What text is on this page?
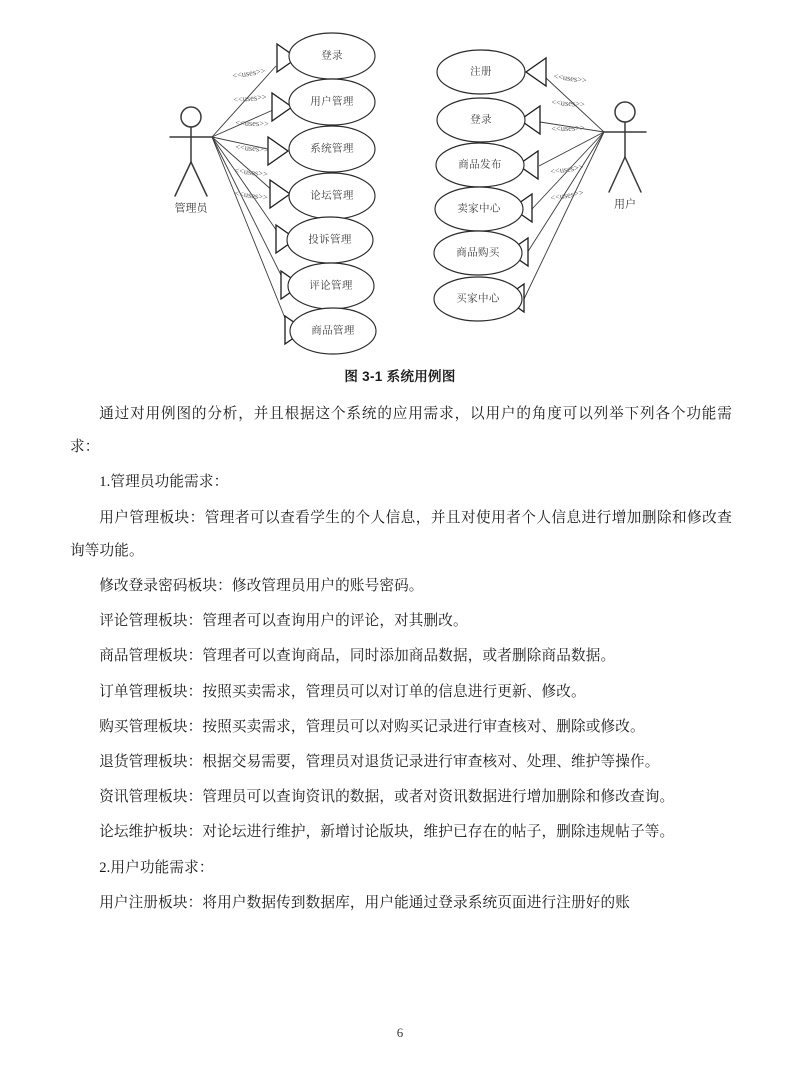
管理员
<<uses>>
<<uses>>
<<uses>>
<<uses>>
<<uses>>
<<uses>>
登录
用户管理
系统管理
论坛管理
投诉管理
评论管理
商品管理
用户
<<uses>>
<<uses>>
<<uses>>
<<uses>>
<<uses>>
注册
登录
商品发布
卖家中心
商品购买
买家中心
图 3-1 系统用例图

通过对用例图的分析，并且根据这个系统的应用需求，以用户的角度可以列举下列各个功能需求：

1.管理员功能需求：

用户管理板块：管理者可以查看学生的个人信息，并且对使用者个人信息进行增加删除和修改查询等功能。

修改登录密码板块：修改管理员用户的账号密码。

评论管理板块：管理者可以查询用户的评论，对其删改。

商品管理板块：管理者可以查询商品，同时添加商品数据，或者删除商品数据。

订单管理板块：按照买卖需求，管理员可以对订单的信息进行更新、修改。

购买管理板块：按照买卖需求，管理员可以对购买记录进行审查核对、删除或修改。

退货管理板块：根据交易需要，管理员对退货记录进行审查核对、处理、维护等操作。

资讯管理板块：管理员可以查询资讯的数据，或者对资讯数据进行增加删除和修改查询。

论坛维护板块：对论坛进行维护，新增讨论版块，维护已存在的帖子，删除违规帖子等。

2.用户功能需求：

用户注册板块：将用户数据传到数据库，用户能通过登录系统页面进行注册好的账

6
